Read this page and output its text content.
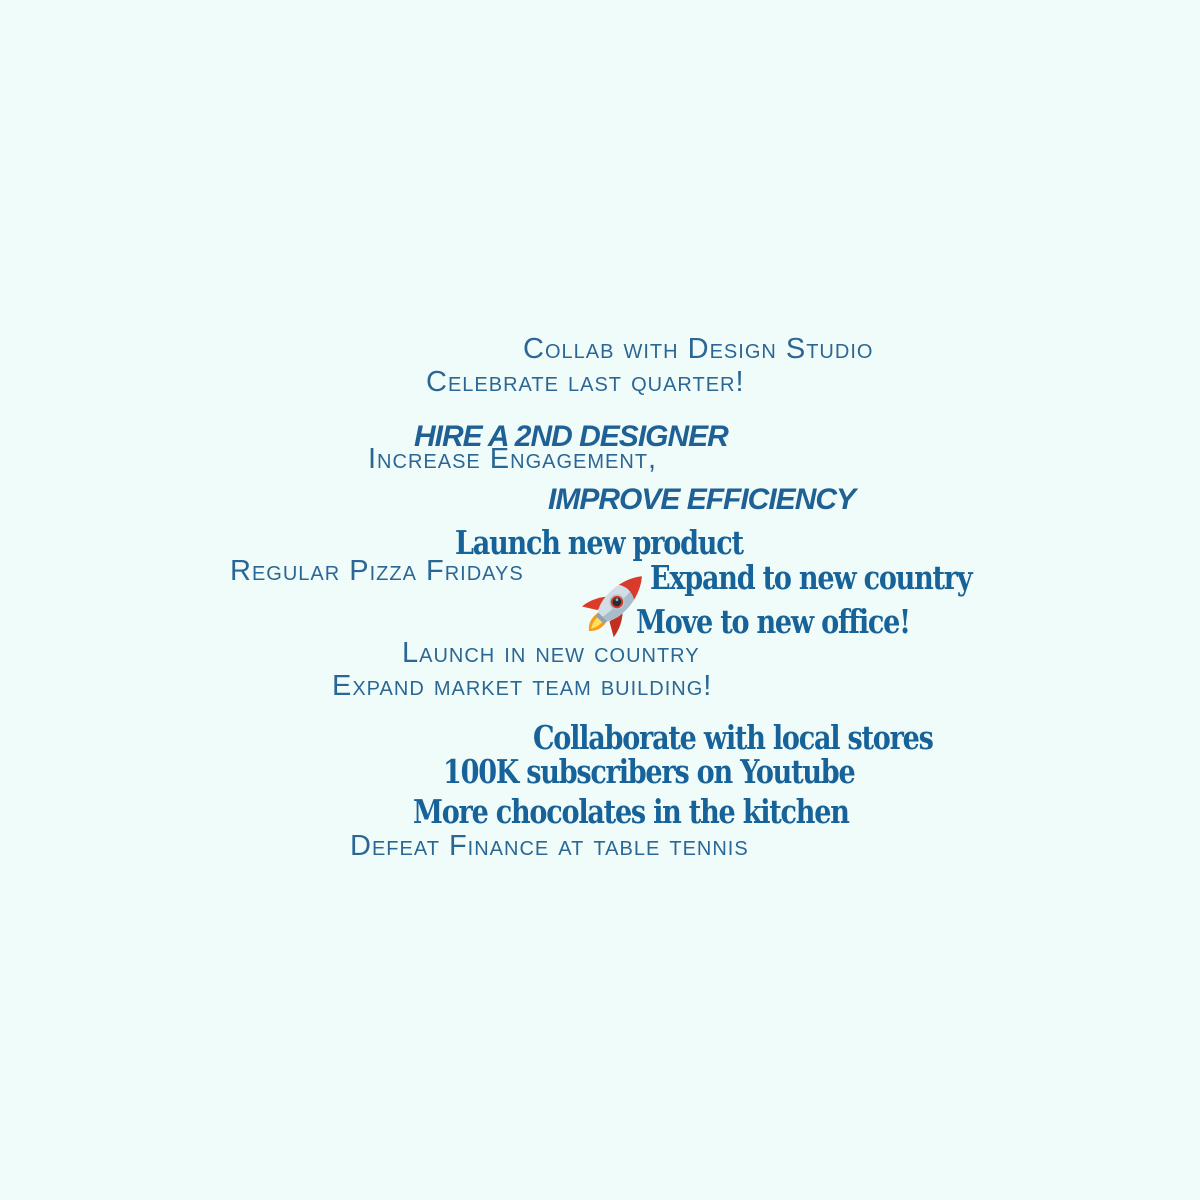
Collab with Design Studio
Celebrate last quarter!
HIRE A 2ND DESIGNER
Increase Engagement,
IMPROVE EFFICIENCY
Launch new product
Regular Pizza Fridays	Expand to new country
Move to new office!
Launch in new country
Expand market team building!
Collaborate with local stores
100K subscribers on Youtube
More chocolates in the kitchen
Defeat Finance at table tennis
